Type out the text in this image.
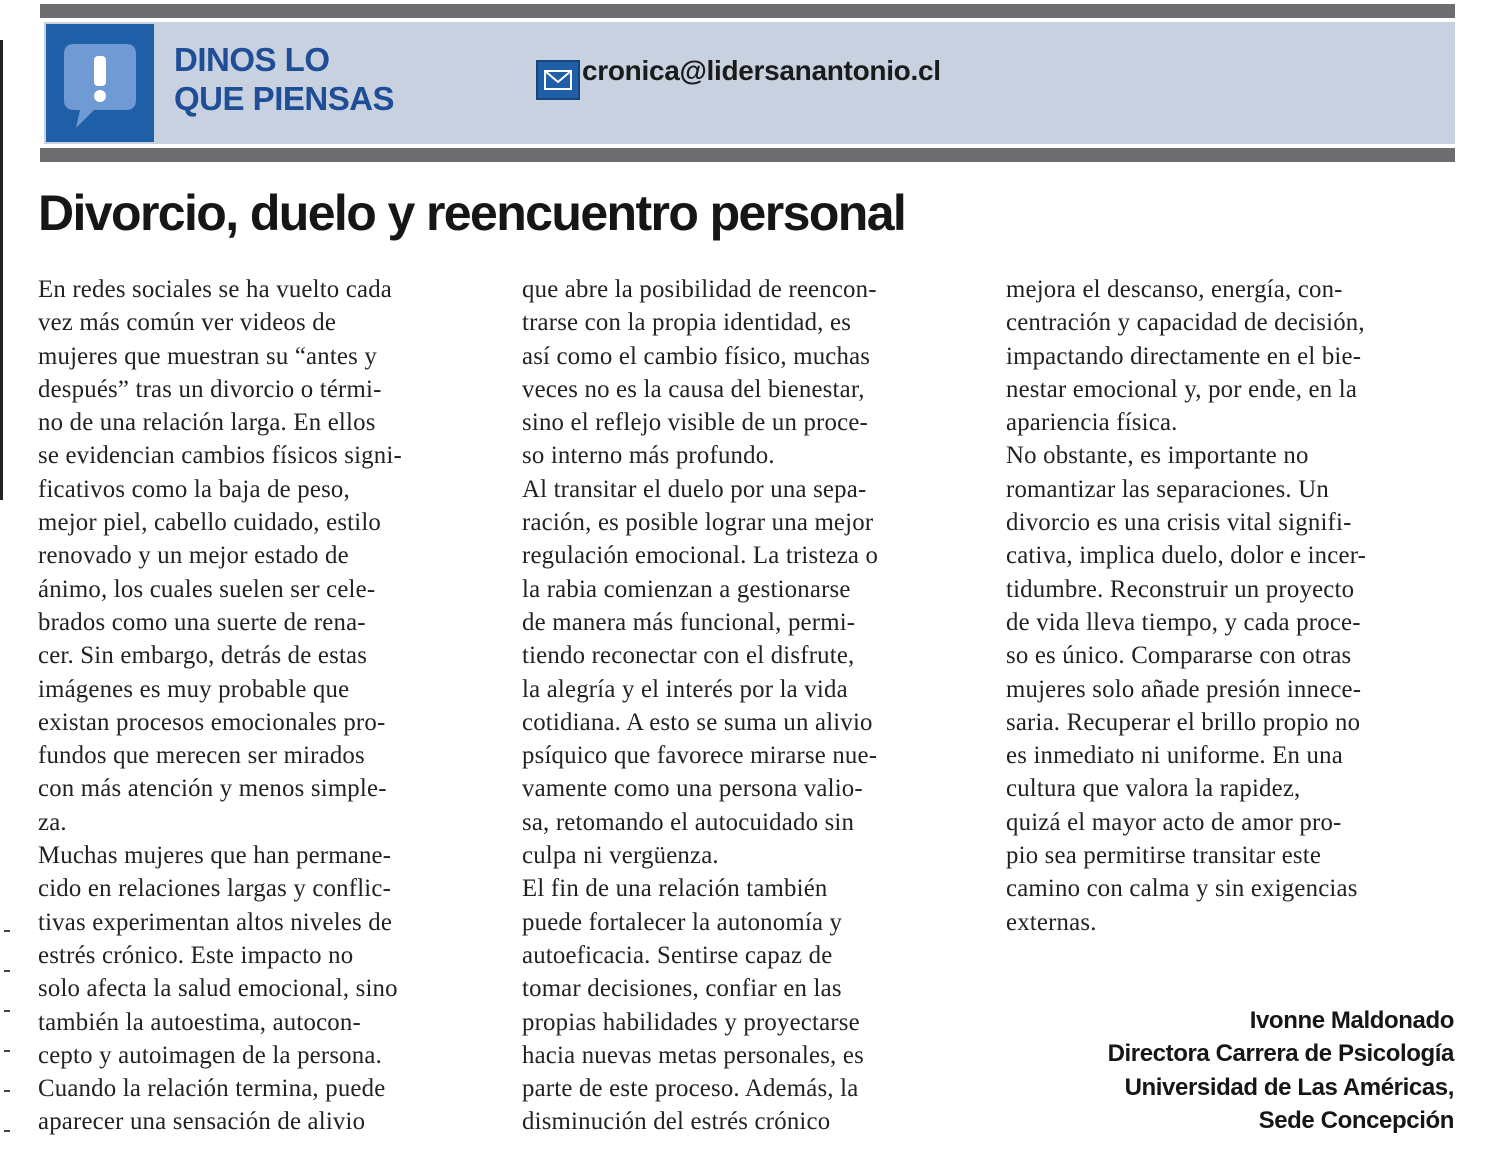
DINOS LO
QUE PIENSAS
cronica@lidersanantonio.cl
Divorcio, duelo y reencuentro personal
En redes sociales se ha vuelto cada
vez más común ver videos de
mujeres que muestran su “antes y
después” tras un divorcio o térmi-
no de una relación larga. En ellos
se evidencian cambios físicos signi-
ficativos como la baja de peso,
mejor piel, cabello cuidado, estilo
renovado y un mejor estado de
ánimo, los cuales suelen ser cele-
brados como una suerte de rena-
cer. Sin embargo, detrás de estas
imágenes es muy probable que
existan procesos emocionales pro-
fundos que merecen ser mirados
con más atención y menos simple-
za.
Muchas mujeres que han permane-
cido en relaciones largas y conflic-
tivas experimentan altos niveles de
estrés crónico. Este impacto no
solo afecta la salud emocional, sino
también la autoestima, autocon-
cepto y autoimagen de la persona.
Cuando la relación termina, puede
aparecer una sensación de alivio
que abre la posibilidad de reencon-
trarse con la propia identidad, es
así como el cambio físico, muchas
veces no es la causa del bienestar,
sino el reflejo visible de un proce-
so interno más profundo.
Al transitar el duelo por una sepa-
ración, es posible lograr una mejor
regulación emocional. La tristeza o
la rabia comienzan a gestionarse
de manera más funcional, permi-
tiendo reconectar con el disfrute,
la alegría y el interés por la vida
cotidiana. A esto se suma un alivio
psíquico que favorece mirarse nue-
vamente como una persona valio-
sa, retomando el autocuidado sin
culpa ni vergüenza.
El fin de una relación también
puede fortalecer la autonomía y
autoeficacia. Sentirse capaz de
tomar decisiones, confiar en las
propias habilidades y proyectarse
hacia nuevas metas personales, es
parte de este proceso. Además, la
disminución del estrés crónico
mejora el descanso, energía, con-
centración y capacidad de decisión,
impactando directamente en el bie-
nestar emocional y, por ende, en la
apariencia física.
No obstante, es importante no
romantizar las separaciones. Un
divorcio es una crisis vital signifi-
cativa, implica duelo, dolor e incer-
tidumbre. Reconstruir un proyecto
de vida lleva tiempo, y cada proce-
so es único. Compararse con otras
mujeres solo añade presión innece-
saria. Recuperar el brillo propio no
es inmediato ni uniforme. En una
cultura que valora la rapidez,
quizá el mayor acto de amor pro-
pio sea permitirse transitar este
camino con calma y sin exigencias
externas.
Ivonne Maldonado
Directora Carrera de Psicología
Universidad de Las Américas,
Sede Concepción
